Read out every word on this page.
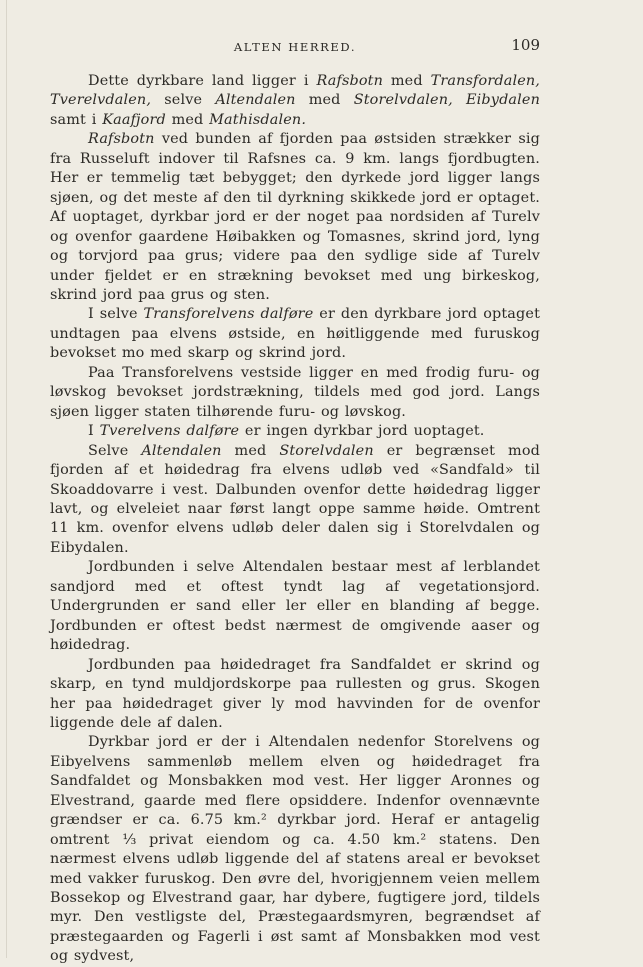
ALTEN HERRED.	109

Dette dyrkbare land ligger i Rafsbotn med Transfordalen, Tverelvdalen, selve Altendalen med Storelvdalen, Eibydalen samt i Kaafjord med Mathisdalen.

Rafsbotn ved bunden af fjorden paa østsiden strækker sig fra Russeluft indover til Rafsnes ca. 9 km. langs fjordbugten. Her er temmelig tæt bebygget; den dyrkede jord ligger langs sjøen, og det meste af den til dyrkning skikkede jord er optaget. Af uoptaget, dyrkbar jord er der noget paa nordsiden af Turelv og ovenfor gaardene Høibakken og Tomasnes, skrind jord, lyng og torvjord paa grus; videre paa den sydlige side af Turelv under fjeldet er en strækning bevokset med ung birkeskog, skrind jord paa grus og sten.

I selve Transforelvens dalføre er den dyrkbare jord optaget undtagen paa elvens østside, en høitliggende med furuskog bevokset mo med skarp og skrind jord.

Paa Transforelvens vestside ligger en med frodig furu- og løvskog bevokset jordstrækning, tildels med god jord. Langs sjøen ligger staten tilhørende furu- og løvskog.

I Tverelvens dalføre er ingen dyrkbar jord uoptaget.

Selve Altendalen med Storelvdalen er begrænset mod fjorden af et høidedrag fra elvens udløb ved «Sandfald» til Skoaddovarre i vest. Dalbunden ovenfor dette høidedrag ligger lavt, og elveleiet naar først langt oppe samme høide. Omtrent 11 km. ovenfor elvens udløb deler dalen sig i Storelvdalen og Eibydalen.

Jordbunden i selve Altendalen bestaar mest af lerblandet sandjord med et oftest tyndt lag af vegetationsjord. Undergrunden er sand eller ler eller en blanding af begge. Jordbunden er oftest bedst nærmest de omgivende aaser og høidedrag.

Jordbunden paa høidedraget fra Sandfaldet er skrind og skarp, en tynd muldjordskorpe paa rullesten og grus. Skogen her paa høidedraget giver ly mod havvinden for de ovenfor liggende dele af dalen.

Dyrkbar jord er der i Altendalen nedenfor Storelvens og Eibyelvens sammenløb mellem elven og høidedraget fra Sandfaldet og Monsbakken mod vest. Her ligger Aronnes og Elvestrand, gaarde med flere opsiddere. Indenfor ovennævnte grændser er ca. 6.75 km.² dyrkbar jord. Heraf er antagelig omtrent ⅓ privat eiendom og ca. 4.50 km.² statens. Den nærmest elvens udløb liggende del af statens areal er bevokset med vakker furuskog. Den øvre del, hvorigjennem veien mellem Bossekop og Elvestrand gaar, har dybere, fugtigere jord, tildels myr. Den vestligste del, Præstegaardsmyren, begrændset af præstegaarden og Fagerli i øst samt af Monsbakken mod vest og sydvest,
